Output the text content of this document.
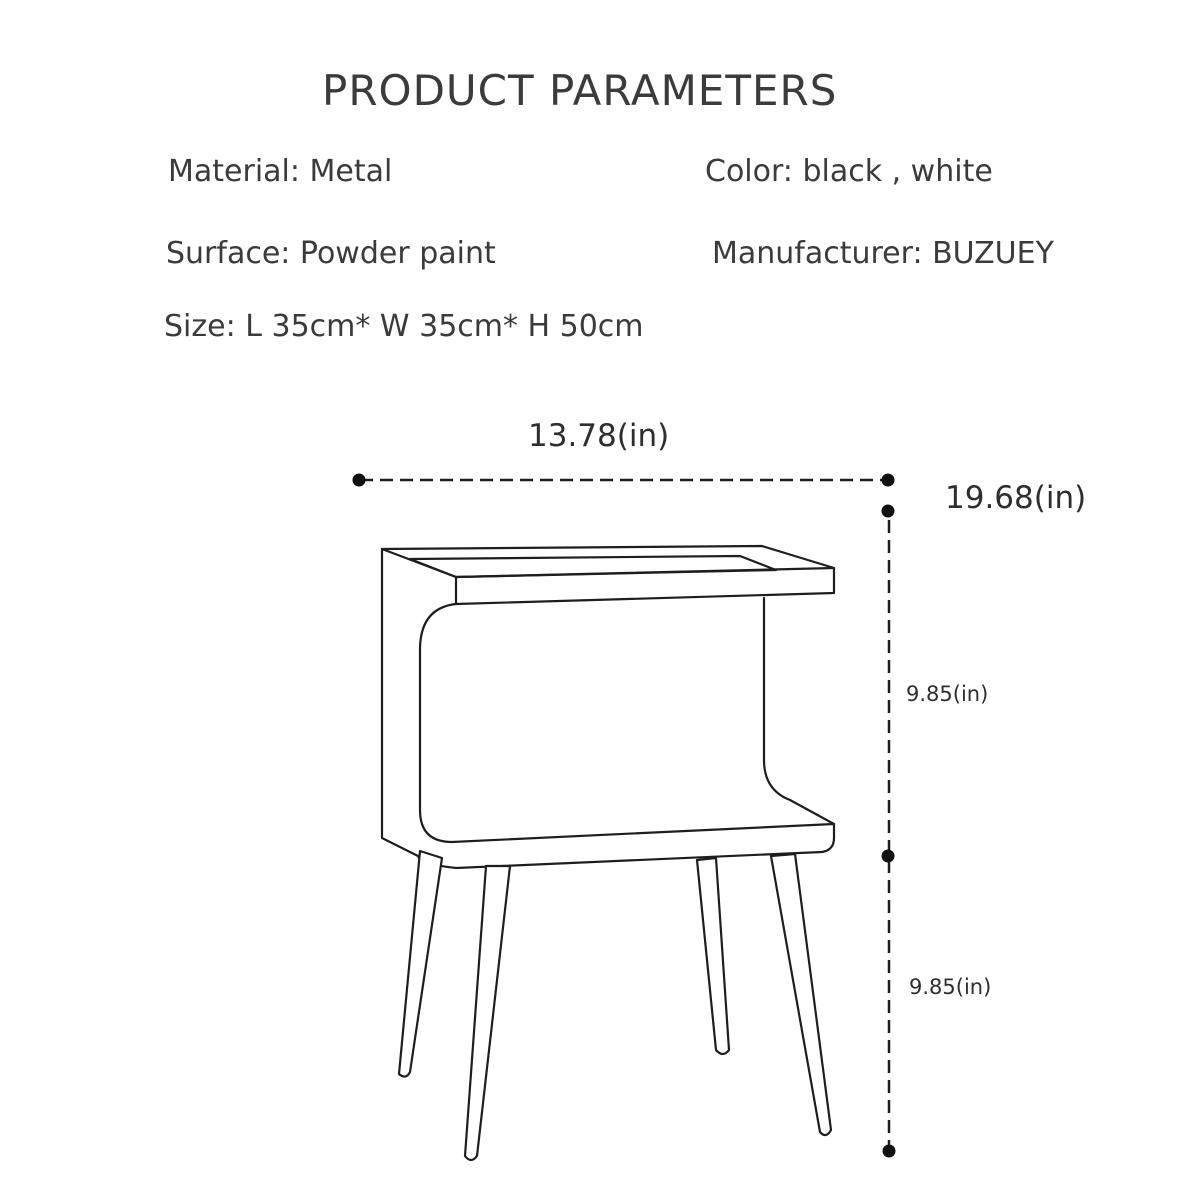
PRODUCT PARAMETERS
Material: Metal	Color: black , white
Surface: Powder paint	Manufacturer: BUZUEY
Size: L 35cm* W 35cm* H 50cm
13.78(in)
19.68(in)
9.85(in)
9.85(in)
